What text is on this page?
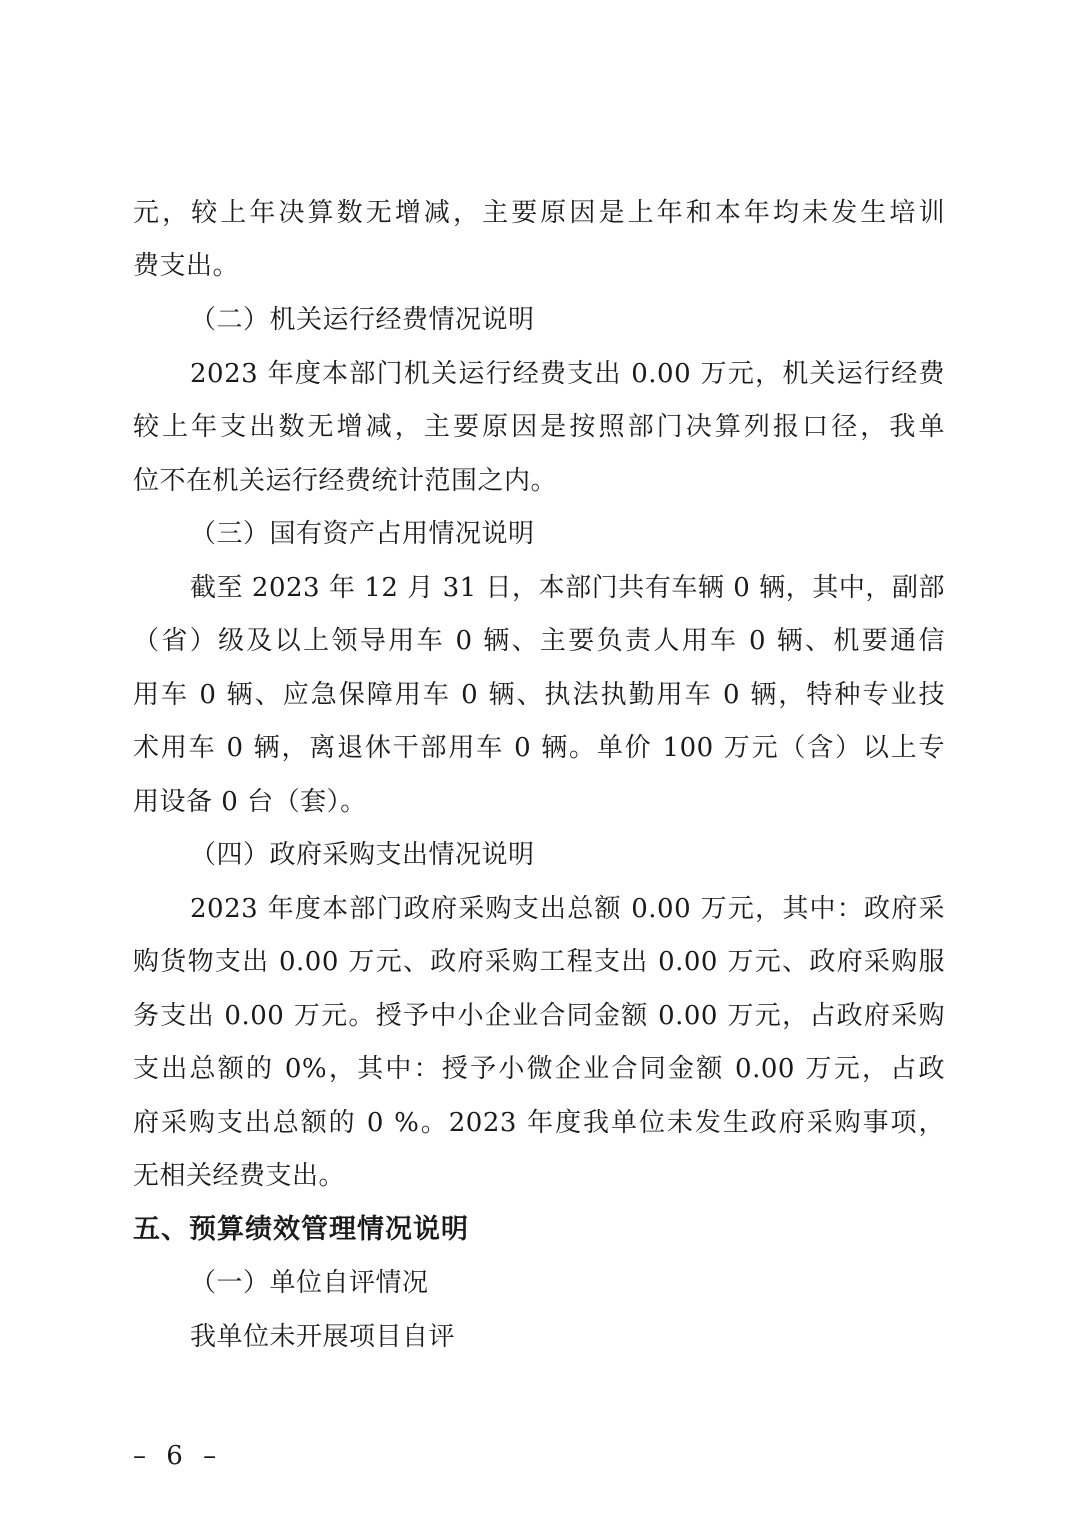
元，较上年决算数无增减，主要原因是上年和本年均未发生培训
费支出。
（二）机关运行经费情况说明
2023 年度本部门机关运行经费支出 0.00 万元，机关运行经费
较上年支出数无增减，主要原因是按照部门决算列报口径，我单
位不在机关运行经费统计范围之内。
（三）国有资产占用情况说明
截至 2023 年 12 月 31 日，本部门共有车辆 0 辆，其中，副部
（省）级及以上领导用车 0 辆、主要负责人用车 0 辆、机要通信
用车 0 辆、应急保障用车 0 辆、执法执勤用车 0 辆，特种专业技
术用车 0 辆，离退休干部用车 0 辆。单价 100 万元（含）以上专
用设备 0 台（套）。
（四）政府采购支出情况说明
2023 年度本部门政府采购支出总额 0.00 万元，其中：政府采
购货物支出 0.00 万元、政府采购工程支出 0.00 万元、政府采购服
务支出 0.00 万元。授予中小企业合同金额 0.00 万元，占政府采购
支出总额的 0%，其中：授予小微企业合同金额 0.00 万元，占政
府采购支出总额的 0 %。2023 年度我单位未发生政府采购事项，
无相关经费支出。
五、预算绩效管理情况说明
（一）单位自评情况
我单位未开展项目自评
– 6 –
